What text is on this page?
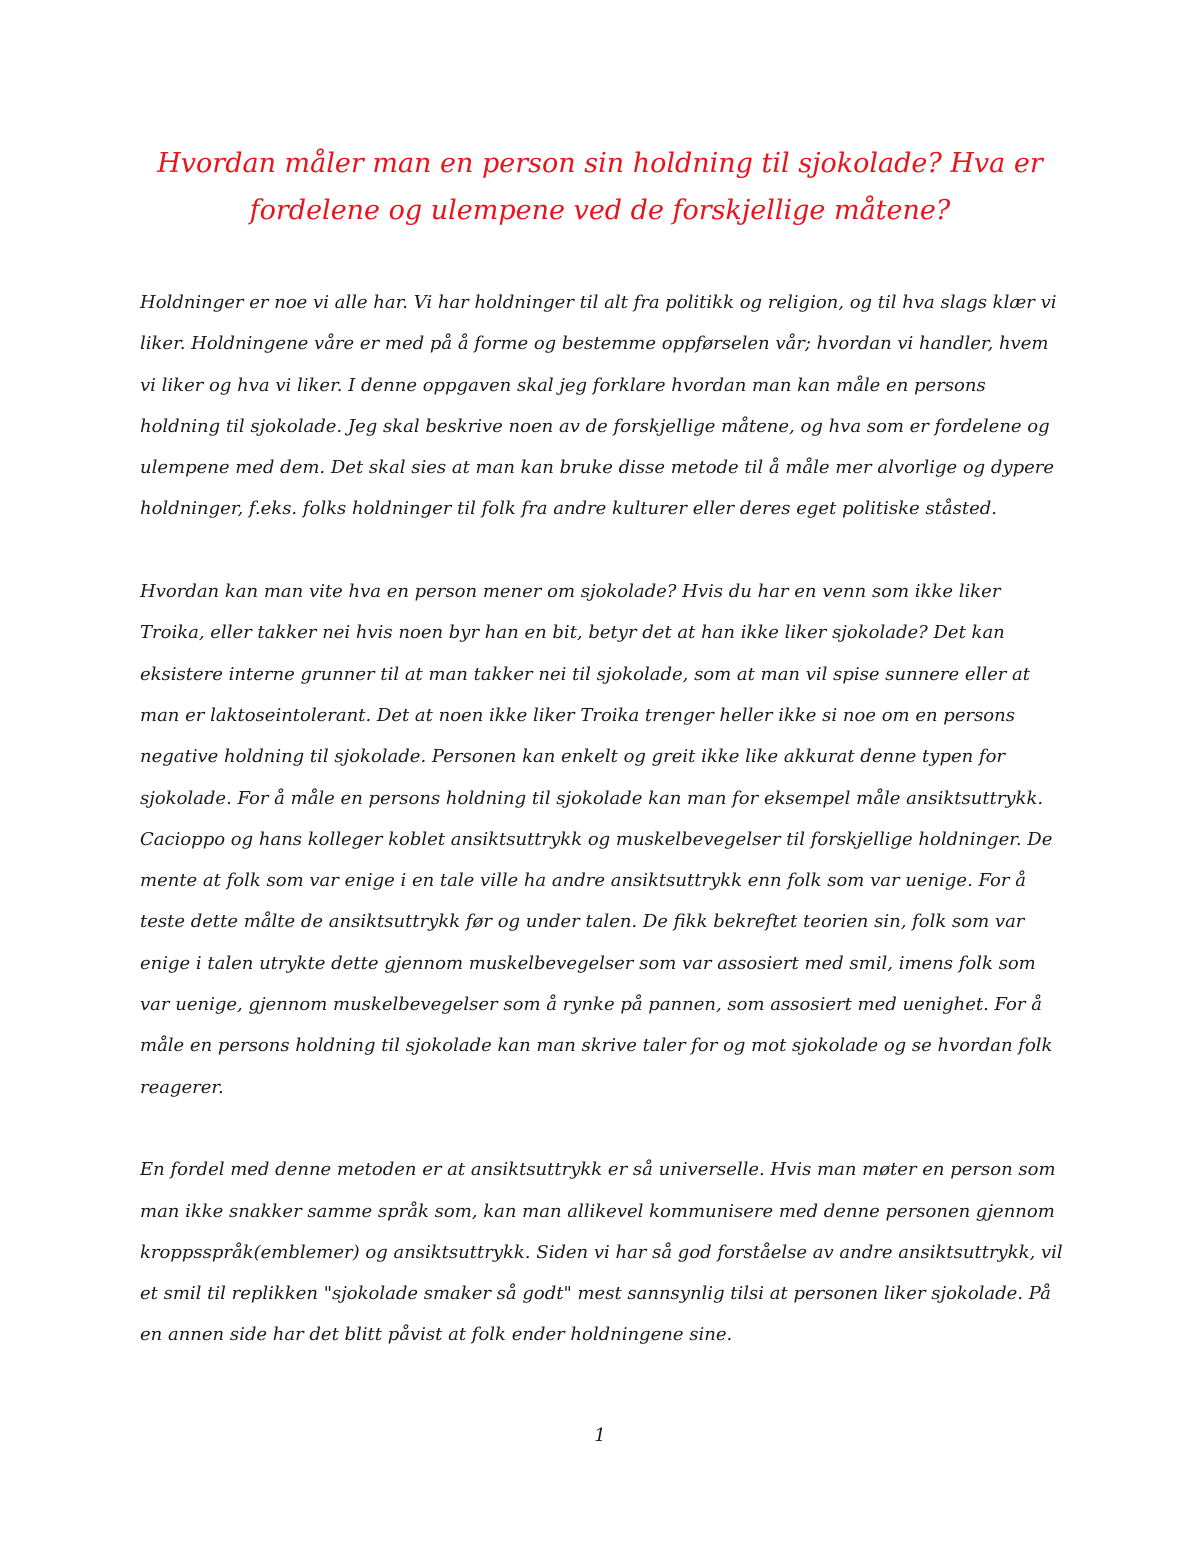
Hvordan måler man en person sin holdning til sjokolade? Hva er fordelene og ulempene ved de forskjellige måtene?

Holdninger er noe vi alle har. Vi har holdninger til alt fra politikk og religion, og til hva slags klær vi liker. Holdningene våre er med på å forme og bestemme oppførselen vår; hvordan vi handler, hvem vi liker og hva vi liker. I denne oppgaven skal jeg forklare hvordan man kan måle en persons holdning til sjokolade. Jeg skal beskrive noen av de forskjellige måtene, og hva som er fordelene og ulempene med dem. Det skal sies at man kan bruke disse metode til å måle mer alvorlige og dypere holdninger, f.eks. folks holdninger til folk fra andre kulturer eller deres eget politiske ståsted.

Hvordan kan man vite hva en person mener om sjokolade? Hvis du har en venn som ikke liker Troika, eller takker nei hvis noen byr han en bit, betyr det at han ikke liker sjokolade? Det kan eksistere interne grunner til at man takker nei til sjokolade, som at man vil spise sunnere eller at man er laktoseintolerant. Det at noen ikke liker Troika trenger heller ikke si noe om en persons negative holdning til sjokolade. Personen kan enkelt og greit ikke like akkurat denne typen for sjokolade. For å måle en persons holdning til sjokolade kan man for eksempel måle ansiktsuttrykk. Cacioppo og hans kolleger koblet ansiktsuttrykk og muskelbevegelser til forskjellige holdninger. De mente at folk som var enige i en tale ville ha andre ansiktsuttrykk enn folk som var uenige. For å teste dette målte de ansiktsuttrykk før og under talen. De fikk bekreftet teorien sin, folk som var enige i talen utrykte dette gjennom muskelbevegelser som var assosiert med smil, imens folk som var uenige, gjennom muskelbevegelser som å rynke på pannen, som assosiert med uenighet. For å måle en persons holdning til sjokolade kan man skrive taler for og mot sjokolade og se hvordan folk reagerer.

En fordel med denne metoden er at ansiktsuttrykk er så universelle. Hvis man møter en person som man ikke snakker samme språk som, kan man allikevel kommunisere med denne personen gjennom kroppsspråk(emblemer) og ansiktsuttrykk. Siden vi har så god forståelse av andre ansiktsuttrykk, vil et smil til replikken "sjokolade smaker så godt" mest sannsynlig tilsi at personen liker sjokolade. På en annen side har det blitt påvist at folk ender holdningene sine.

1
